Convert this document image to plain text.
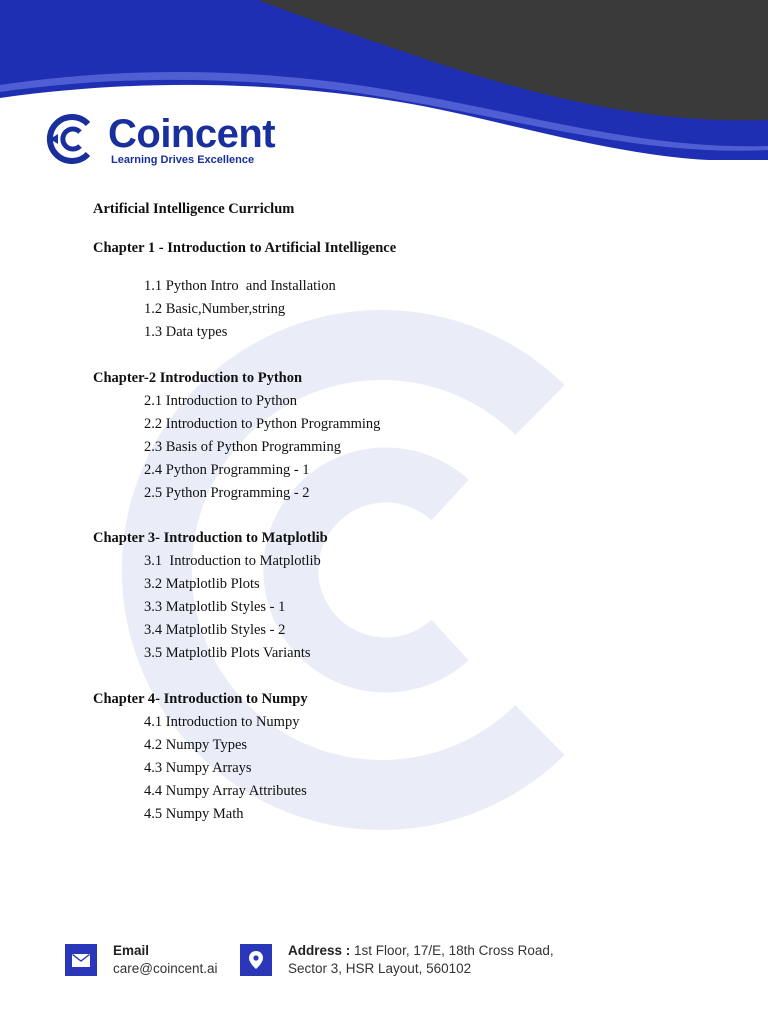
Coincent
Learning Drives Excellence

Artificial Intelligence Curriclum

Chapter 1 - Introduction to Artificial Intelligence

1.1 Python Intro  and Installation
1.2 Basic,Number,string
1.3 Data types

Chapter-2 Introduction to Python

2.1 Introduction to Python
2.2 Introduction to Python Programming
2.3 Basis of Python Programming
2.4 Python Programming - 1
2.5 Python Programming - 2

Chapter 3- Introduction to Matplotlib

3.1  Introduction to Matplotlib
3.2 Matplotlib Plots
3.3 Matplotlib Styles - 1
3.4 Matplotlib Styles - 2
3.5 Matplotlib Plots Variants

Chapter 4- Introduction to Numpy

4.1 Introduction to Numpy
4.2 Numpy Types
4.3 Numpy Arrays
4.4 Numpy Array Attributes
4.5 Numpy Math
Email
care@coincent.ai
Address : 1st Floor, 17/E, 18th Cross Road,
Sector 3, HSR Layout, 560102
